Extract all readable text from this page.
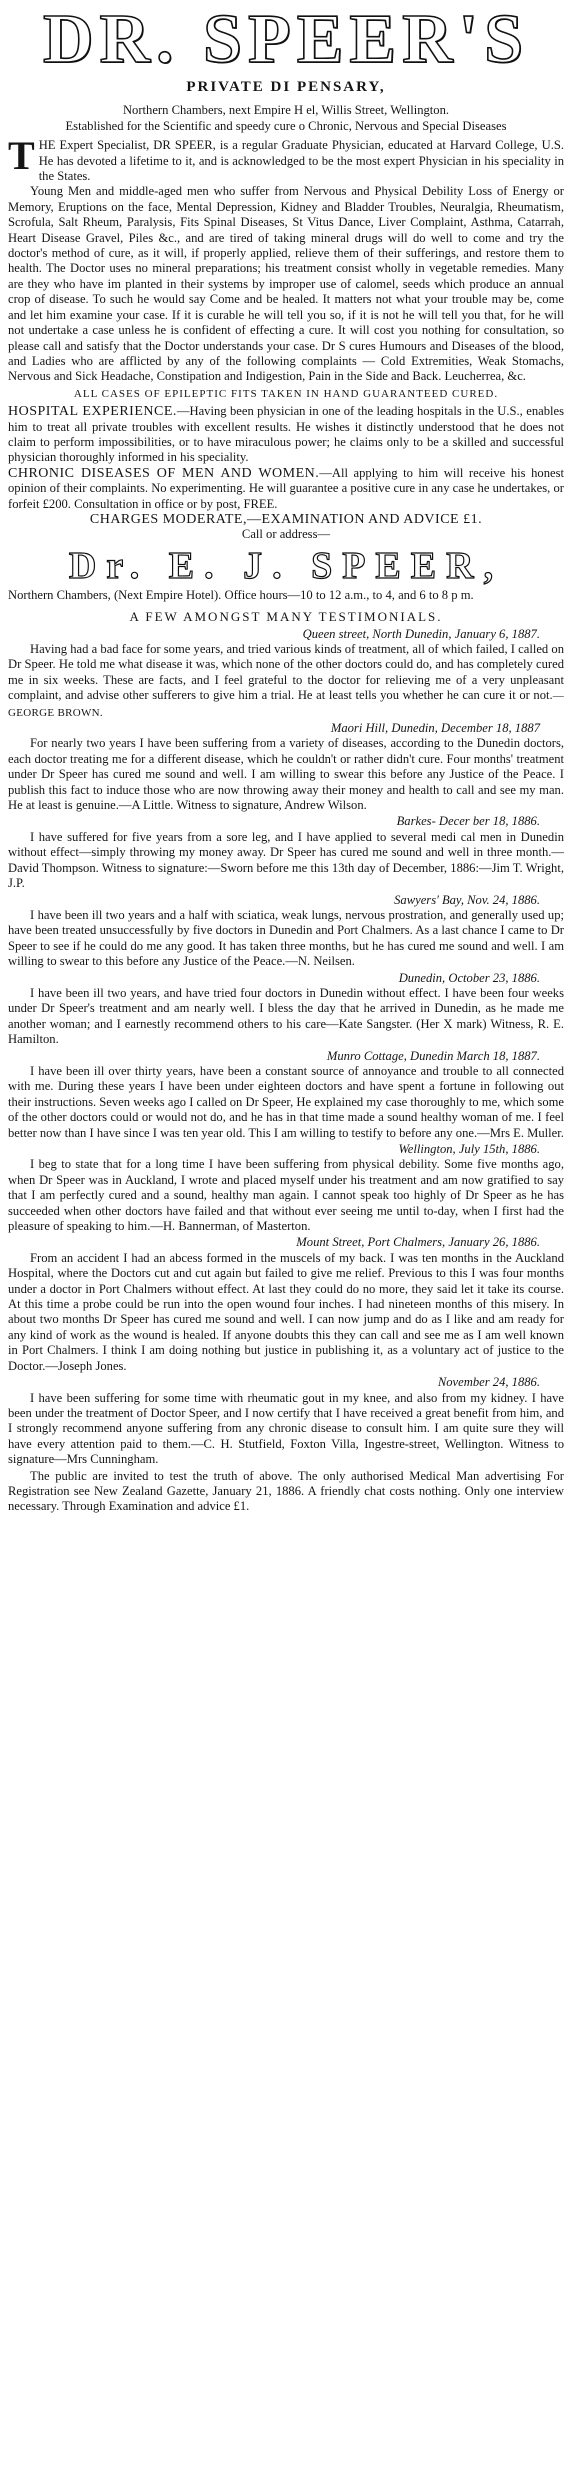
DR. SPEER'S
PRIVATE DI PENSARY,

Northern Chambers, next Empire H el, Willis Street, Wellington.

Established for the Scientific and speedy cure o Chronic, Nervous and Special Diseases

THE Expert Specialist, DR SPEER, is a regular Graduate Physician, educated at Harvard College, U.S. He has devoted a lifetime to it, and is acknowledged to be the most expert Physician in his speciality in the States.

Young Men and middle-aged men who suffer from Nervous and Physical Debility Loss of Energy or Memory, Eruptions on the face, Mental Depression, Kidney and Bladder Troubles, Neuralgia, Rheumatism, Scrofula, Salt Rheum, Paralysis, Fits Spinal Diseases, St Vitus Dance, Liver Complaint, Asthma, Catarrah, Heart Disease Gravel, Piles &c., and are tired of taking mineral drugs will do well to come and try the doctor's method of cure, as it will, if properly applied, relieve them of their sufferings, and restore them to health. The Doctor uses no mineral preparations; his treatment consist wholly in vegetable remedies. Many are they who have im planted in their systems by improper use of calomel, seeds which produce an annual crop of disease. To such he would say Come and be healed. It matters not what your trouble may be, come and let him examine your case. If it is curable he will tell you so, if it is not he will tell you that, for he will not undertake a case unless he is confident of effecting a cure. It will cost you nothing for consultation, so please call and satisfy that the Doctor understands your case. Dr S cures Humours and Diseases of the blood, and Ladies who are afflicted by any of the following complaints — Cold Extremities, Weak Stomachs, Nervous and Sick Headache, Constipation and Indigestion, Pain in the Side and Back. Leucherrea, &c.

ALL CASES OF EPILEPTIC FITS TAKEN IN HAND GUARANTEED CURED.

HOSPITAL EXPERIENCE.—Having been physician in one of the leading hospitals in the U.S., enables him to treat all private troubles with excellent results. He wishes it distinctly understood that he does not claim to perform impossibilities, or to have miraculous power; he claims only to be a skilled and successful physician thoroughly informed in his speciality.

CHRONIC DISEASES OF MEN AND WOMEN.—All applying to him will receive his honest opinion of their complaints. No experimenting. He will guarantee a positive cure in any case he undertakes, or forfeit £200. Consultation in office or by post, FREE.

CHARGES MODERATE,—EXAMINATION AND ADVICE £1.
Call or address—
Dr. E. J. SPEER,

Northern Chambers, (Next Empire Hotel). Office hours—10 to 12 a.m., to 4, and 6 to 8 p m.

A FEW AMONGST MANY TESTIMONIALS.
Queen street, North Dunedin, January 6, 1887.

Having had a bad face for some years, and tried various kinds of treatment, all of which failed, I called on Dr Speer. He told me what disease it was, which none of the other doctors could do, and has completely cured me in six weeks. These are facts, and I feel grateful to the doctor for relieving me of a very unpleasant complaint, and advise other sufferers to give him a trial. He at least tells you whether he can cure it or not.—GEORGE BROWN.

Maori Hill, Dunedin, December 18, 1887

For nearly two years I have been suffering from a variety of diseases, according to the Dunedin doctors, each doctor treating me for a different disease, which he couldn't or rather didn't cure. Four months' treatment under Dr Speer has cured me sound and well. I am willing to swear this before any Justice of the Peace. I publish this fact to induce those who are now throwing away their money and health to call and see my man. He at least is genuine.—A Little. Witness to signature, Andrew Wilson.

Barkes- Decer ber 18, 1886.

I have suffered for five years from a sore leg, and I have applied to several medi cal men in Dunedin without effect—simply throwing my money away. Dr Speer has cured me sound and well in three month.—David Thompson. Witness to signature:—Sworn before me this 13th day of December, 1886:—Jim T. Wright, J.P.

Sawyers' Bay, Nov. 24, 1886.

I have been ill two years and a half with sciatica, weak lungs, nervous prostration, and generally used up; have been treated unsuccessfully by five doctors in Dunedin and Port Chalmers. As a last chance I came to Dr Speer to see if he could do me any good. It has taken three months, but he has cured me sound and well. I am willing to swear to this before any Justice of the Peace.—N. Neilsen.

Dunedin, October 23, 1886.

I have been ill two years, and have tried four doctors in Dunedin without effect. I have been four weeks under Dr Speer's treatment and am nearly well. I bless the day that he arrived in Dunedin, as he made me another woman; and I earnestly recommend others to his care—Kate Sangster. (Her X mark) Witness, R. E. Hamilton.

Munro Cottage, Dunedin March 18, 1887.

I have been ill over thirty years, have been a constant source of annoyance and trouble to all connected with me. During these years I have been under eighteen doctors and have spent a fortune in following out their instructions. Seven weeks ago I called on Dr Speer, He explained my case thoroughly to me, which some of the other doctors could or would not do, and he has in that time made a sound healthy woman of me. I feel better now than I have since I was ten year old. This I am willing to testify to before any one.—Mrs E. Muller.

Wellington, July 15th, 1886.

I beg to state that for a long time I have been suffering from physical debility. Some five months ago, when Dr Speer was in Auckland, I wrote and placed myself under his treatment and am now gratified to say that I am perfectly cured and a sound, healthy man again. I cannot speak too highly of Dr Speer as he has succeeded when other doctors have failed and that without ever seeing me until to-day, when I first had the pleasure of speaking to him.—H. Bannerman, of Masterton.

Mount Street, Port Chalmers, January 26, 1886.

From an accident I had an abcess formed in the muscels of my back. I was ten months in the Auckland Hospital, where the Doctors cut and cut again but failed to give me relief. Previous to this I was four months under a doctor in Port Chalmers without effect. At last they could do no more, they said let it take its course. At this time a probe could be run into the open wound four inches. I had nineteen months of this misery. In about two months Dr Speer has cured me sound and well. I can now jump and do as I like and am ready for any kind of work as the wound is healed. If anyone doubts this they can call and see me as I am well known in Port Chalmers. I think I am doing nothing but justice in publishing it, as a voluntary act of justice to the Doctor.—Joseph Jones.

November 24, 1886.

I have been suffering for some time with rheumatic gout in my knee, and also from my kidney. I have been under the treatment of Doctor Speer, and I now certify that I have received a great benefit from him, and I strongly recommend anyone suffering from any chronic disease to consult him. I am quite sure they will have every attention paid to them.—C. H. Stutfield, Foxton Villa, Ingestre-street, Wellington. Witness to signature—Mrs Cunningham.

The public are invited to test the truth of above. The only authorised Medical Man advertising For Registration see New Zealand Gazette, January 21, 1886. A friendly chat costs nothing. Only one interview necessary. Through Examination and advice £1.
